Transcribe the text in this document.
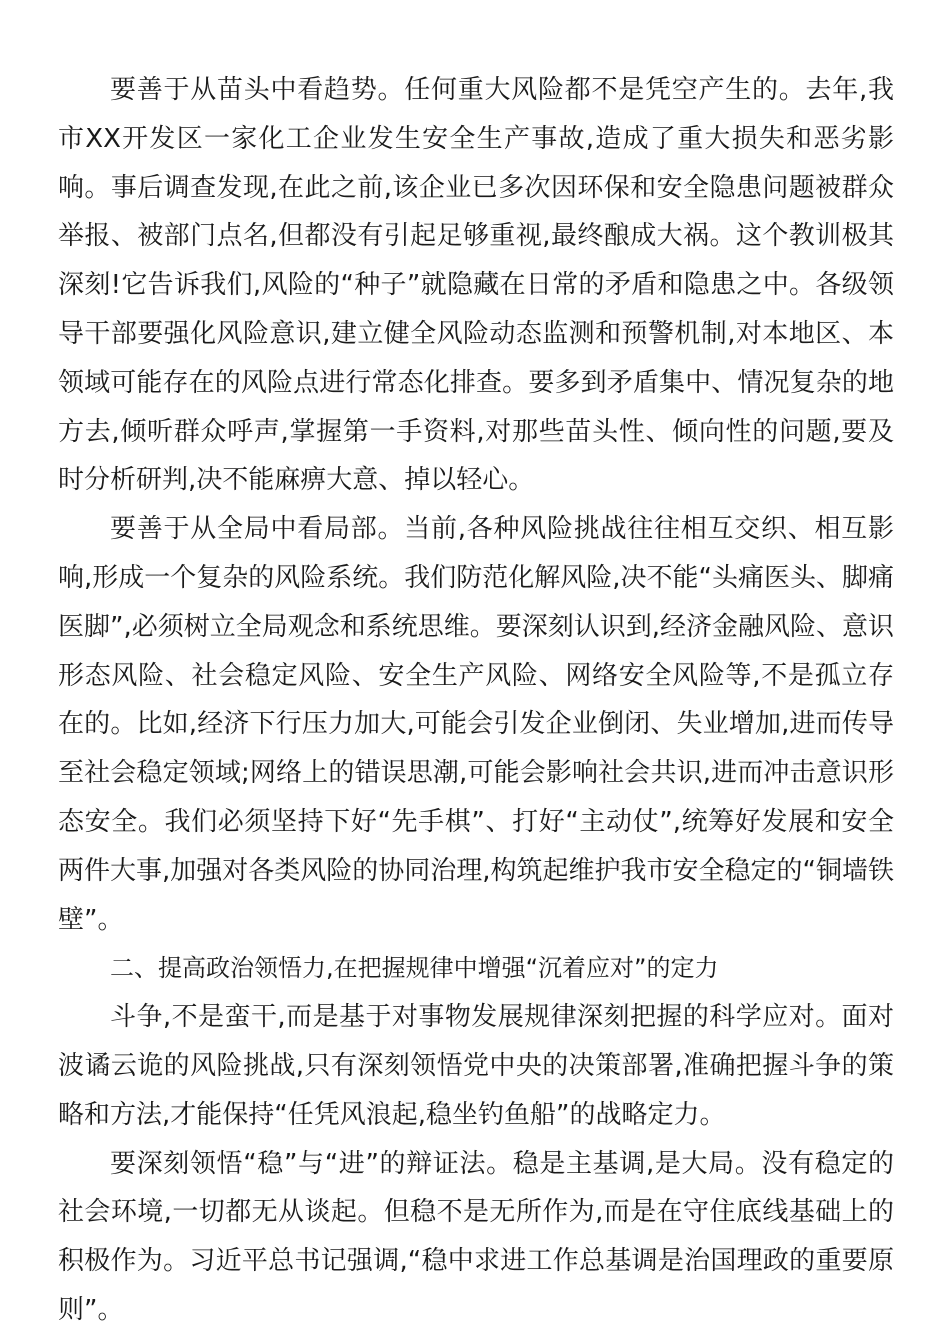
要善于从苗头中看趋势。任何重大风险都不是凭空产生的。去年,我市XX开发区一家化工企业发生安全生产事故,造成了重大损失和恶劣影响。事后调查发现,在此之前,该企业已多次因环保和安全隐患问题被群众举报、被部门点名,但都没有引起足够重视,最终酿成大祸。这个教训极其深刻!它告诉我们,风险的“种子”就隐藏在日常的矛盾和隐患之中。各级领导干部要强化风险意识,建立健全风险动态监测和预警机制,对本地区、本领域可能存在的风险点进行常态化排查。要多到矛盾集中、情况复杂的地方去,倾听群众呼声,掌握第一手资料,对那些苗头性、倾向性的问题,要及时分析研判,决不能麻痹大意、掉以轻心。

要善于从全局中看局部。当前,各种风险挑战往往相互交织、相互影响,形成一个复杂的风险系统。我们防范化解风险,决不能“头痛医头、脚痛医脚”,必须树立全局观念和系统思维。要深刻认识到,经济金融风险、意识形态风险、社会稳定风险、安全生产风险、网络安全风险等,不是孤立存在的。比如,经济下行压力加大,可能会引发企业倒闭、失业增加,进而传导至社会稳定领域;网络上的错误思潮,可能会影响社会共识,进而冲击意识形态安全。我们必须坚持下好“先手棋”、打好“主动仗”,统筹好发展和安全两件大事,加强对各类风险的协同治理,构筑起维护我市安全稳定的“铜墙铁壁”。

二、提高政治领悟力,在把握规律中增强“沉着应对”的定力

斗争,不是蛮干,而是基于对事物发展规律深刻把握的科学应对。面对波谲云诡的风险挑战,只有深刻领悟党中央的决策部署,准确把握斗争的策略和方法,才能保持“任凭风浪起,稳坐钓鱼船”的战略定力。

要深刻领悟“稳”与“进”的辩证法。稳是主基调,是大局。没有稳定的社会环境,一切都无从谈起。但稳不是无所作为,而是在守住底线基础上的积极作为。习近平总书记强调,“稳中求进工作总基调是治国理政的重要原则”。
